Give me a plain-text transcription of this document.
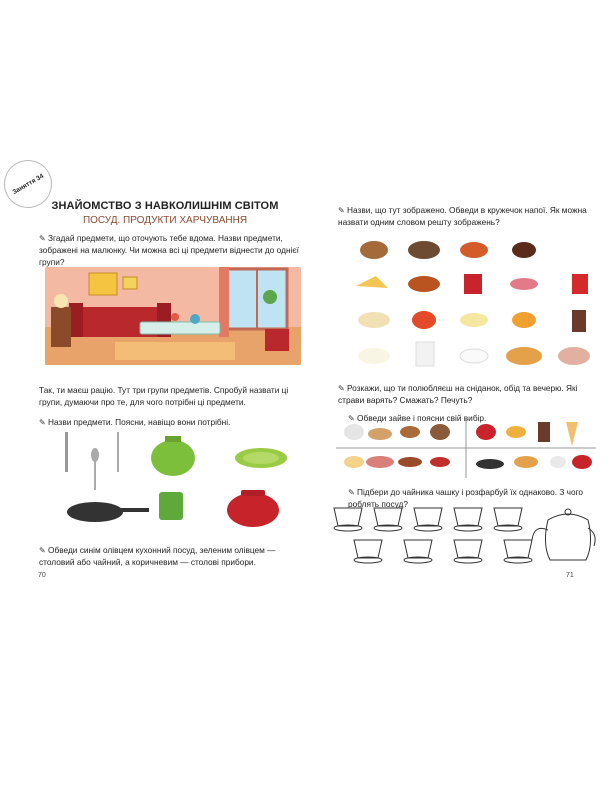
Заняття 34
ЗНАЙОМСТВО З НАВКОЛИШНІМ СВІТОМ
ПОСУД. ПРОДУКТИ ХАРЧУВАННЯ
✎ Згадай предмети, що оточують тебе вдома. Назви предмети, зображені на малюнку. Чи можна всі ці предмети віднести до однієї групи?
Так, ти маєш рацію. Тут три групи предметів. Спробуй назвати ці групи, думаючи про те, для чого потрібні ці предмети.
✎ Назви предмети. Поясни, навіщо вони потрібні.
✎ Обведи синім олівцем кухонний посуд, зеленим олівцем — столовий або чайний, а коричневим — столові прибори.
70
✎ Назви, що тут зображено. Обведи в кружечок напої. Як можна назвати одним словом решту зображень?
✎ Розкажи, що ти полюбляєш на сніданок, обід та вечерю. Які страви варять? Смажать? Печуть?
✎ Обведи зайве і поясни свій вибір.
✎ Підбери до чайника чашку і розфарбуй їх однаково. З чого роблять посуд?
71
